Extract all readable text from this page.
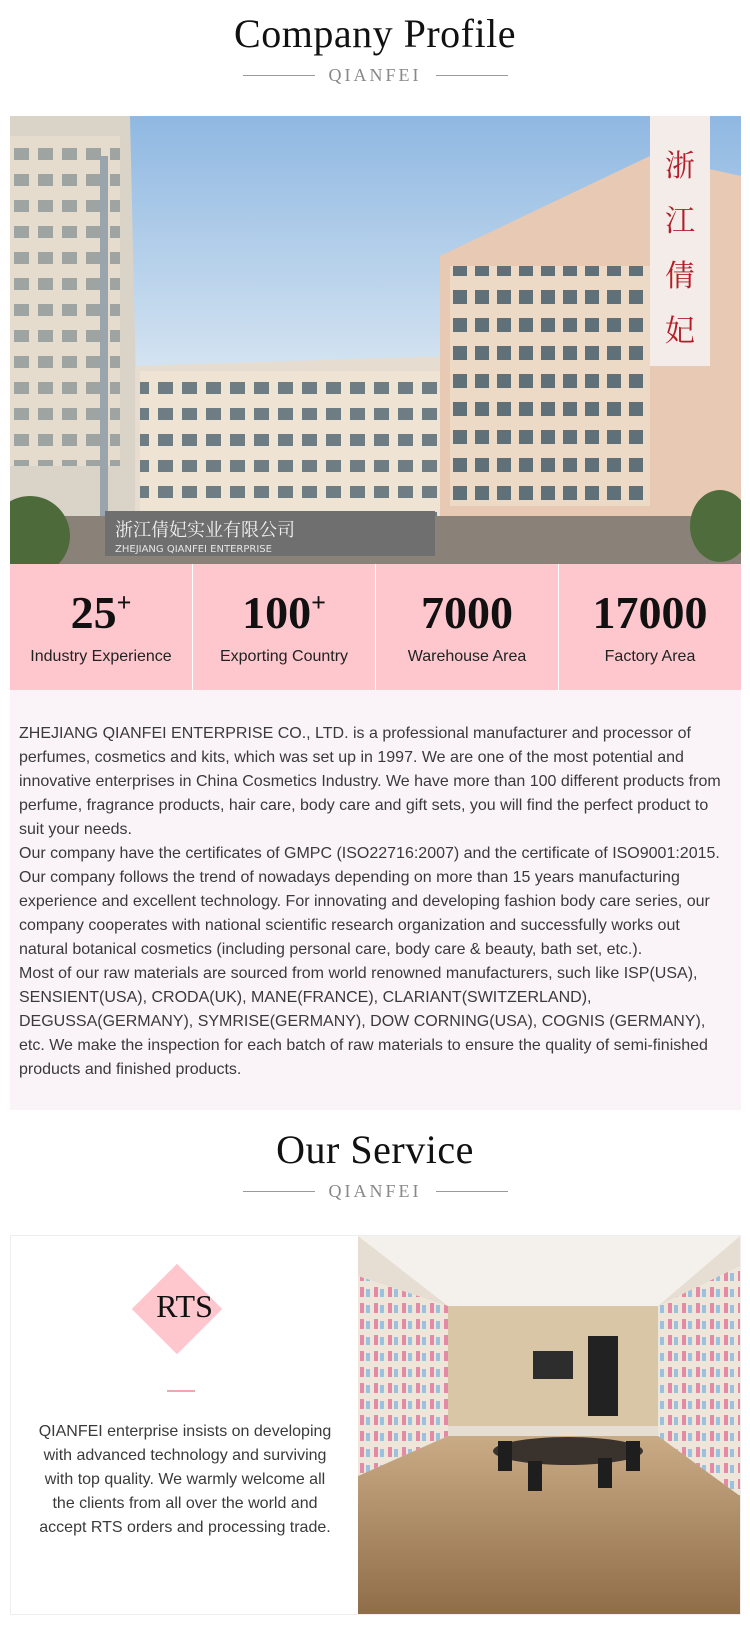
Company Profile
QIANFEI
浙
江
倩
妃
浙江倩妃实业有限公司
ZHEJIANG QIANFEI ENTERPRISE
25+
Industry Experience
100+
Exporting Country
7000
Warehouse Area
17000
Factory Area

ZHEJIANG QIANFEI ENTERPRISE CO., LTD. is a professional manufacturer and processor of perfumes, cosmetics and kits, which was set up in 1997. We are one of the most potential and innovative enterprises in China Cosmetics Industry. We have more than 100 different products from perfume, fragrance products, hair care, body care and gift sets, you will find the perfect product to suit your needs.

Our company have the certificates of GMPC (ISO22716:2007) and the certificate of ISO9001:2015. Our company follows the trend of nowadays depending on more than 15 years manufacturing experience and excellent technology. For innovating and developing fashion body care series, our company cooperates with national scientific research organization and successfully works out natural botanical cosmetics (including personal care, body care & beauty, bath set, etc.).

Most of our raw materials are sourced from world renowned manufacturers, such like ISP(USA), SENSIENT(USA), CRODA(UK), MANE(FRANCE), CLARIANT(SWITZERLAND), DEGUSSA(GERMANY), SYMRISE(GERMANY), DOW CORNING(USA), COGNIS (GERMANY), etc. We make the inspection for each batch of raw materials to ensure the quality of semi-finished products and finished products.

Our Service
QIANFEI
RTS
QIANFEI enterprise insists on developing with advanced technology and surviving with top quality. We warmly welcome all the clients from all over the world and accept RTS orders and processing trade.
